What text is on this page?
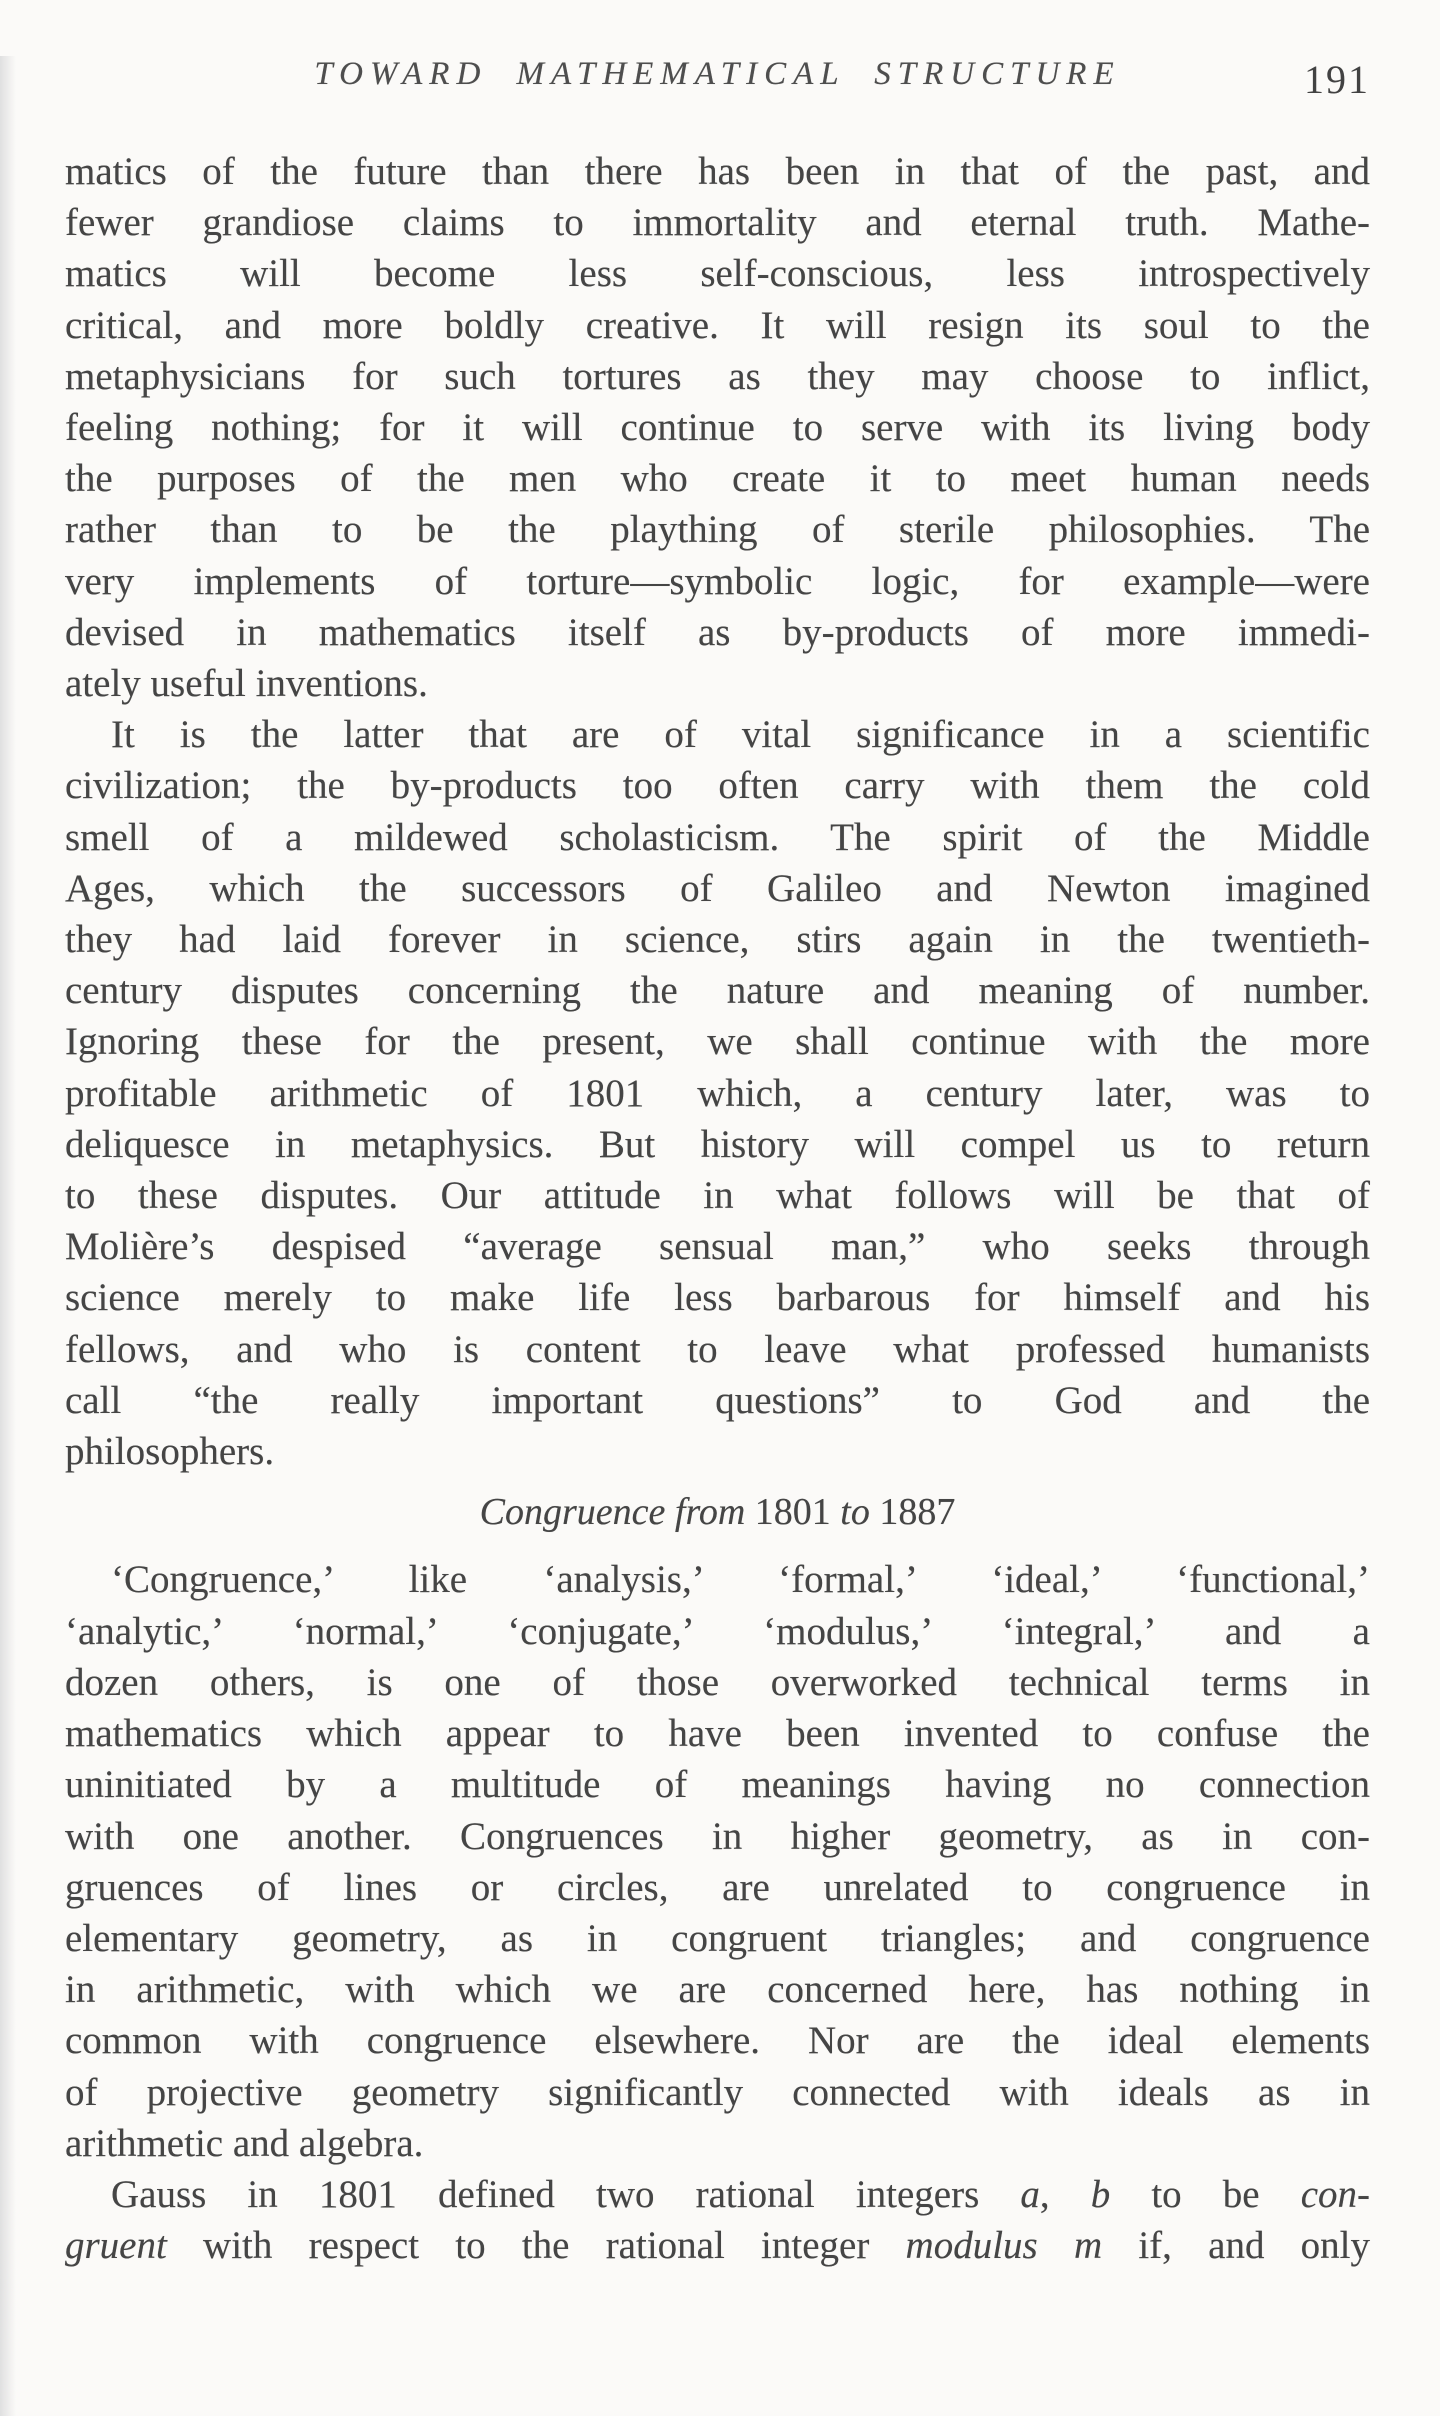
TOWARD MATHEMATICAL STRUCTURE	191
matics of the future than there has been in that of the past, and
fewer grandiose claims to immortality and eternal truth. Mathe-
matics will become less self-conscious, less introspectively
critical, and more boldly creative. It will resign its soul to the
metaphysicians for such tortures as they may choose to inflict,
feeling nothing; for it will continue to serve with its living body
the purposes of the men who create it to meet human needs
rather than to be the plaything of sterile philosophies. The
very implements of torture—symbolic logic, for example—were
devised in mathematics itself as by-products of more immedi-
ately useful inventions.
It is the latter that are of vital significance in a scientific
civilization; the by-products too often carry with them the cold
smell of a mildewed scholasticism. The spirit of the Middle
Ages, which the successors of Galileo and Newton imagined
they had laid forever in science, stirs again in the twentieth-
century disputes concerning the nature and meaning of number.
Ignoring these for the present, we shall continue with the more
profitable arithmetic of 1801 which, a century later, was to
deliquesce in metaphysics. But history will compel us to return
to these disputes. Our attitude in what follows will be that of
Molière’s despised “average sensual man,” who seeks through
science merely to make life less barbarous for himself and his
fellows, and who is content to leave what professed humanists
call “the really important questions” to God and the
philosophers.
Congruence from 1801 to 1887
‘Congruence,’ like ‘analysis,’ ‘formal,’ ‘ideal,’ ‘functional,’
‘analytic,’ ‘normal,’ ‘conjugate,’ ‘modulus,’ ‘integral,’ and a
dozen others, is one of those overworked technical terms in
mathematics which appear to have been invented to confuse the
uninitiated by a multitude of meanings having no connection
with one another. Congruences in higher geometry, as in con-
gruences of lines or circles, are unrelated to congruence in
elementary geometry, as in congruent triangles; and congruence
in arithmetic, with which we are concerned here, has nothing in
common with congruence elsewhere. Nor are the ideal elements
of projective geometry significantly connected with ideals as in
arithmetic and algebra.
Gauss in 1801 defined two rational integers a, b to be con-
gruent with respect to the rational integer modulus m if, and only
